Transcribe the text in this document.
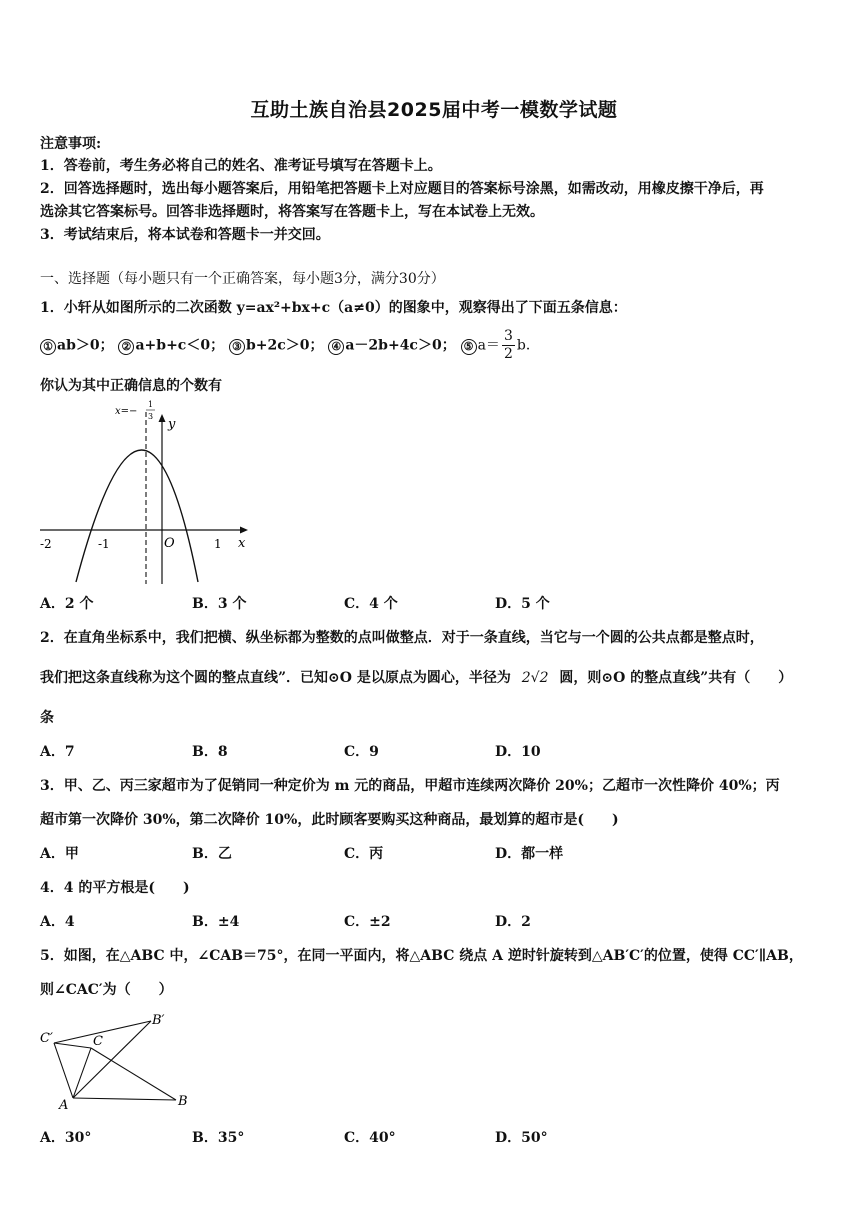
互助土族自治县2025届中考一模数学试题
注意事项:
1．答卷前，考生务必将自己的姓名、准考证号填写在答题卡上。
2．回答选择题时，选出每小题答案后，用铅笔把答题卡上对应题目的答案标号涂黑，如需改动，用橡皮擦干净后，再
选涂其它答案标号。回答非选择题时，将答案写在答题卡上，写在本试卷上无效。
3．考试结束后，将本试卷和答题卡一并交回。
一、选择题（每小题只有一个正确答案，每小题3分，满分30分）
1．小轩从如图所示的二次函数 y=ax²+bx+c（a≠0）的图象中，观察得出了下面五条信息：
① ab＞0； ② a+b+c＜0； ③ b+2c＞0； ④ a－2b+4c＞0； ⑤ $a= \frac{3}{2}$ b．
你认为其中正确信息的个数有
x=−
1
3
y
x
O
-2	-1	1
A．2 个	B．3 个	C．4 个	D．5 个
2．在直角坐标系中，我们把横、纵坐标都为整数的点叫做整点．对于一条直线，当它与一个圆的公共点都是整点时，
我们把这条直线称为这个圆的整点直线”．已知⊙O 是以原点为圆心，半径为 2√2 圆，则⊙O 的整点直线”共有（　　）
条
A．7	B．8	C．9	D．10
3．甲、乙、丙三家超市为了促销同一种定价为 m 元的商品，甲超市连续两次降价 20%；乙超市一次性降价 40%；丙
超市第一次降价 30%，第二次降价 10%，此时顾客要购买这种商品，最划算的超市是(　　)
A．甲	B．乙	C．丙	D．都一样
4．4 的平方根是(　　)
A．4	B．±4	C．±2	D．2
5．如图，在△ABC 中，∠CAB＝75°，在同一平面内，将△ABC 绕点 A 逆时针旋转到△AB′C′的位置，使得 CC′∥AB，
则∠CAC′为（　　）
C′	C
B′
A	B
A．30°	B．35°	C．40°	D．50°
